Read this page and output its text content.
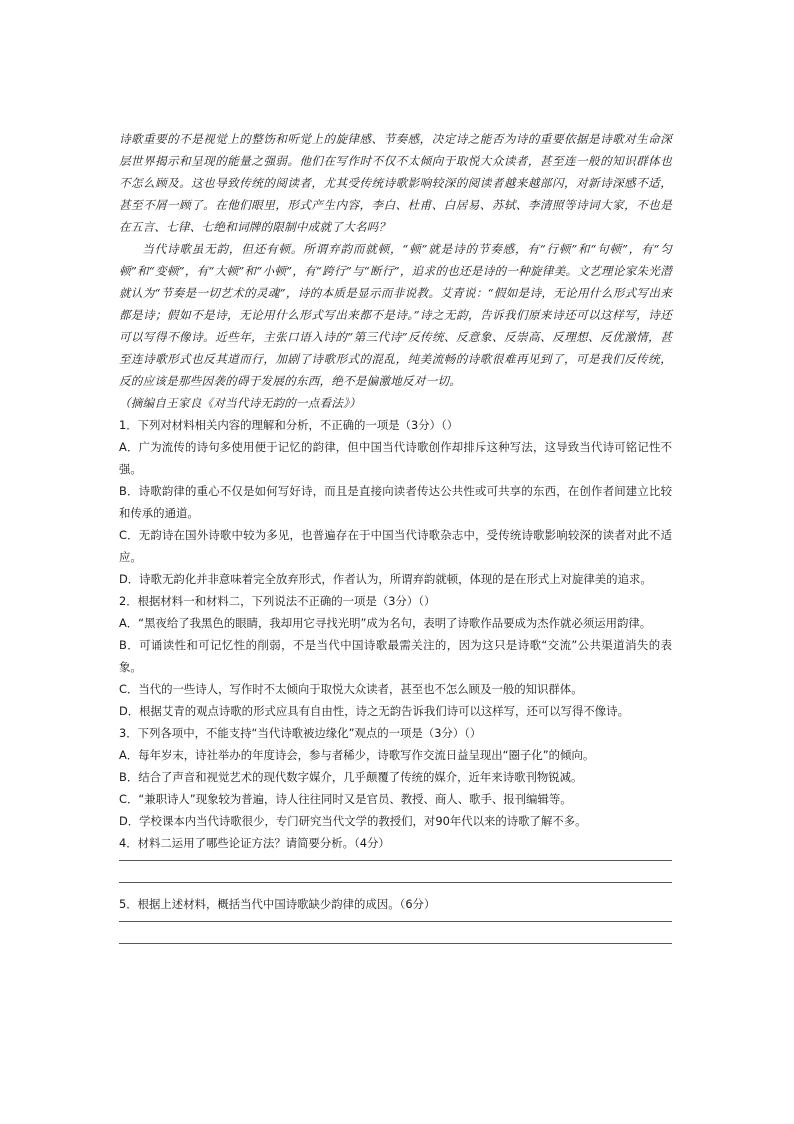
诗歌重要的不是视觉上的整饬和听觉上的旋律感、节奏感，决定诗之能否为诗的重要依据是诗歌对生命深层世界揭示和呈现的能量之强弱。他们在写作时不仅不太倾向于取悦大众读者，甚至连一般的知识群体也不怎么顾及。这也导致传统的阅读者，尤其受传统诗歌影响较深的阅读者越来越部闪，对新诗深感不适，甚至不屑一顾了。在他们眼里，形式产生内容，李白、杜甫、白居易、苏轼、李清照等诗词大家，不也是在五言、七律、七绝和词牌的限制中成就了大名吗？

当代诗歌虽无韵，但还有顿。所谓弃韵而就顿，“顿”就是诗的节奏感，有“行顿”和“句顿”，有“匀顿”和“变顿”，有“大顿”和“小顿”，有“跨行”与“断行”，追求的也还是诗的一种旋律美。文艺理论家朱光潜就认为“节奏是一切艺术的灵魂”，诗的本质是显示而非说教。艾青说：“假如是诗，无论用什么形式写出来都是诗；假如不是诗，无论用什么形式写出来都不是诗。”诗之无韵，告诉我们原来诗还可以这样写，诗还可以写得不像诗。近些年，主张口语入诗的“第三代诗”反传统、反意象、反崇高、反理想、反优激情，甚至连诗歌形式也反其道而行，加剧了诗歌形式的混乱，纯美流畅的诗歌很难再见到了，可是我们反传统，反的应该是那些因袭的碍于发展的东西，绝不是偏激地反对一切。

（摘编自王家良《对当代诗无韵的一点看法》）

1．下列对材料相关内容的理解和分析，不正确的一项是（3分）（）

A．广为流传的诗句多使用便于记忆的韵律，但中国当代诗歌创作却排斥这种写法，这导致当代诗可铭记性不强。

B．诗歌韵律的重心不仅是如何写好诗，而且是直接向读者传达公共性或可共享的东西，在创作者间建立比较和传承的通道。

C．无韵诗在国外诗歌中较为多见，也普遍存在于中国当代诗歌杂志中，受传统诗歌影响较深的读者对此不适应。

D．诗歌无韵化并非意味着完全放弃形式，作者认为，所谓弃韵就顿，体现的是在形式上对旋律美的追求。

2．根据材料一和材料二，下列说法不正确的一项是（3分）（）

A．“黑夜给了我黑色的眼睛，我却用它寻找光明”成为名句，表明了诗歌作品要成为杰作就必须运用韵律。

B．可诵读性和可记忆性的削弱，不是当代中国诗歌最需关注的，因为这只是诗歌“交流”公共渠道消失的表象。

C．当代的一些诗人，写作时不太倾向于取悦大众读者，甚至也不怎么顾及一般的知识群体。

D．根据艾青的观点诗歌的形式应具有自由性，诗之无韵告诉我们诗可以这样写，还可以写得不像诗。

3．下列各项中，不能支持“当代诗歌被边缘化”观点的一项是（3分）（）

A．每年岁末，诗社举办的年度诗会，参与者稀少，诗歌写作交流日益呈现出“圈子化”的倾向。

B．结合了声音和视觉艺术的现代数字媒介，几乎颠覆了传统的媒介，近年来诗歌刊物锐减。

C．“兼职诗人”现象较为普遍，诗人往往同时又是官员、教授、商人、歌手、报刊编辑等。

D．学校课本内当代诗歌很少，专门研究当代文学的教授们，对90年代以来的诗歌了解不多。

4．材料二运用了哪些论证方法？请简要分析。（4分）

5．根据上述材料，概括当代中国诗歌缺少韵律的成因。（6分）
